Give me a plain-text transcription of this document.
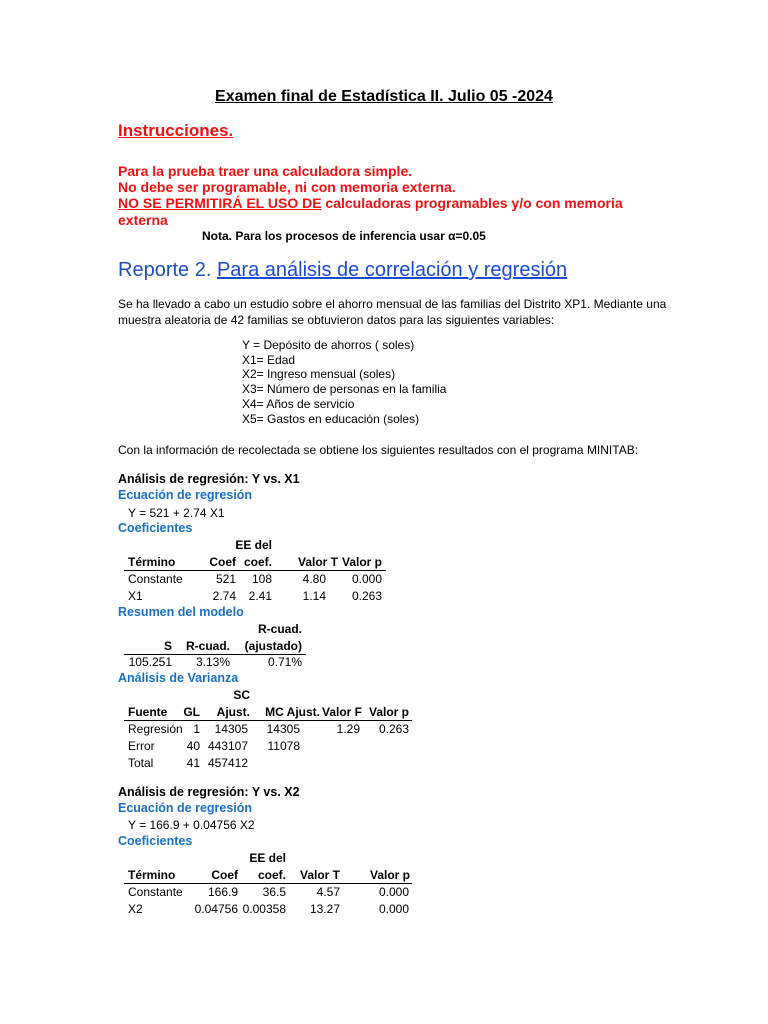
Examen final de Estadística II. Julio 05 -2024
Instrucciones.
Para la prueba traer una calculadora simple.
No debe ser programable, ni con memoria externa.
NO SE PERMITIRÁ EL USO DE calculadoras programables y/o con memoria
externa
Nota. Para los procesos de inferencia usar α=0.05
Reporte 2. Para análisis de correlación y regresión
Se ha llevado a cabo un estudio sobre el ahorro mensual de las familias del Distrito XP1. Mediante una
muestra aleatoria de 42 familias se obtuvieron datos para las siguientes variables:
Y = Depósito de ahorros ( soles)
X1= Edad
X2= Ingreso mensual (soles)
X3= Número de personas en la familia
X4= Años de servicio
X5= Gastos en educación (soles)
Con la información de recolectada se obtiene los siguientes resultados con el programa MINITAB:
Análisis de regresión: Y vs. X1
Ecuación de regresión
Y = 521 + 2.74 X1
Coeficientes
EE del
Término	Coef coef.	Valor T Valor p
Constante	521	108	4.80	0.000
X1	2.74	2.41	1.14	0.263
Resumen del modelo
R-cuad.
S	R-cuad.	(ajustado)
105.251	3.13%	0.71%
Análisis de Varianza
SC
Fuente GL	Ajust.	MC Ajust. Valor F Valor p
Regresión 1	14305	14305	1.29	0.263
Error	40 443107	11078
Total	41 457412
Análisis de regresión: Y vs. X2
Ecuación de regresión
Y = 166.9 + 0.04756 X2
Coeficientes
EE del
Término	Coef	coef.	Valor T	Valor p
Constante	166.9	36.5	4.57	0.000
X2	0.04756 0.00358	13.27	0.000
